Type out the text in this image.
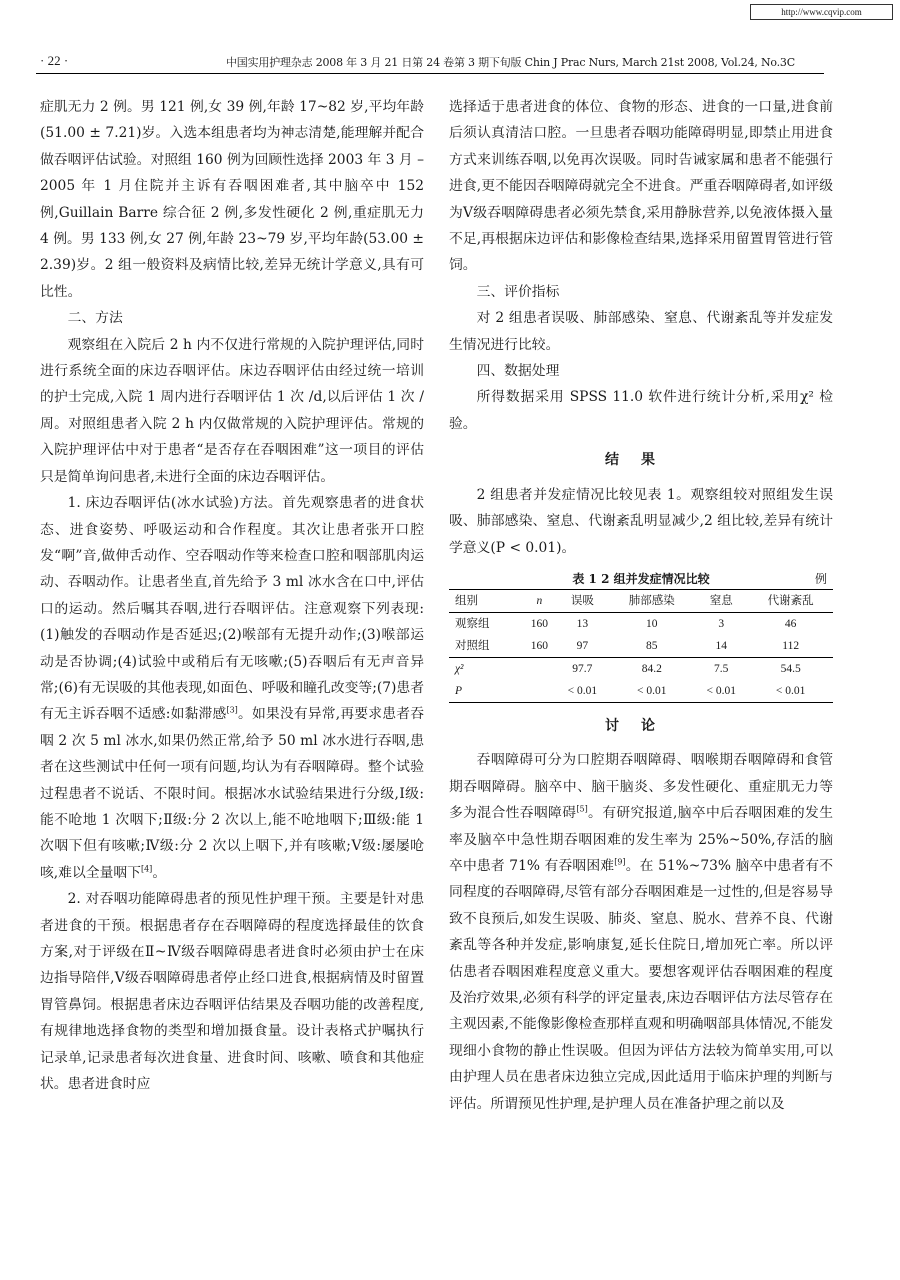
http://www.cqvip.com
· 22 ·	中国实用护理杂志 2008 年 3 月 21 日第 24 卷第 3 期下旬版 Chin J Prac Nurs, March 21st 2008, Vol.24, No.3C

症肌无力 2 例。男 121 例,女 39 例,年龄 17~82 岁,平均年龄(51.00 ± 7.21)岁。入选本组患者均为神志清楚,能理解并配合做吞咽评估试验。对照组 160 例为回顾性选择 2003 年 3 月 – 2005 年 1 月住院并主诉有吞咽困难者,其中脑卒中 152 例,Guillain Barre 综合征 2 例,多发性硬化 2 例,重症肌无力 4 例。男 133 例,女 27 例,年龄 23~79 岁,平均年龄(53.00 ± 2.39)岁。2 组一般资料及病情比较,差异无统计学意义,具有可比性。

二、方法

观察组在入院后 2 h 内不仅进行常规的入院护理评估,同时进行系统全面的床边吞咽评估。床边吞咽评估由经过统一培训的护士完成,入院 1 周内进行吞咽评估 1 次 /d,以后评估 1 次 / 周。对照组患者入院 2 h 内仅做常规的入院护理评估。常规的入院护理评估中对于患者“是否存在吞咽困难”这一项目的评估只是简单询问患者,未进行全面的床边吞咽评估。

1. 床边吞咽评估(冰水试验)方法。首先观察患者的进食状态、进食姿势、呼吸运动和合作程度。其次让患者张开口腔发“啊”音,做伸舌动作、空吞咽动作等来检查口腔和咽部肌肉运动、吞咽动作。让患者坐直,首先给予 3 ml 冰水含在口中,评估口的运动。然后嘱其吞咽,进行吞咽评估。注意观察下列表现:(1)触发的吞咽动作是否延迟;(2)喉部有无提升动作;(3)喉部运动是否协调;(4)试验中或稍后有无咳嗽;(5)吞咽后有无声音异常;(6)有无误吸的其他表现,如面色、呼吸和瞳孔改变等;(7)患者有无主诉吞咽不适感:如黏滞感[3]。如果没有异常,再要求患者吞咽 2 次 5 ml 冰水,如果仍然正常,给予 50 ml 冰水进行吞咽,患者在这些测试中任何一项有问题,均认为有吞咽障碍。整个试验过程患者不说话、不限时间。根据冰水试验结果进行分级,Ⅰ级:能不呛地 1 次咽下;Ⅱ级:分 2 次以上,能不呛地咽下;Ⅲ级:能 1 次咽下但有咳嗽;Ⅳ级:分 2 次以上咽下,并有咳嗽;Ⅴ级:屡屡呛咳,难以全量咽下[4]。

2. 对吞咽功能障碍患者的预见性护理干预。主要是针对患者进食的干预。根据患者存在吞咽障碍的程度选择最佳的饮食方案,对于评级在Ⅱ~Ⅳ级吞咽障碍患者进食时必须由护士在床边指导陪伴,Ⅴ级吞咽障碍患者停止经口进食,根据病情及时留置胃管鼻饲。根据患者床边吞咽评估结果及吞咽功能的改善程度,有规律地选择食物的类型和增加摄食量。设计表格式护嘱执行记录单,记录患者每次进食量、进食时间、咳嗽、喷食和其他症状。患者进食时应

选择适于患者进食的体位、食物的形态、进食的一口量,进食前后须认真清洁口腔。一旦患者吞咽功能障碍明显,即禁止用进食方式来训练吞咽,以免再次误吸。同时告诫家属和患者不能强行进食,更不能因吞咽障碍就完全不进食。严重吞咽障碍者,如评级为Ⅴ级吞咽障碍患者必须先禁食,采用静脉营养,以免液体摄入量不足,再根据床边评估和影像检查结果,选择采用留置胃管进行管饲。

三、评价指标

对 2 组患者误吸、肺部感染、窒息、代谢紊乱等并发症发生情况进行比较。

四、数据处理

所得数据采用 SPSS 11.0 软件进行统计分析,采用χ² 检验。

结果

2 组患者并发症情况比较见表 1。观察组较对照组发生误吸、肺部感染、窒息、代谢紊乱明显减少,2 组比较,差异有统计学意义(P < 0.01)。

表 1 2 组并发症情况比较	例
组别	n	误吸	肺部感染	窒息	代谢紊乱
观察组	160	13	10	3	46
对照组	160	97	85	14	112
χ²		97.7	84.2	7.5	54.5
P		< 0.01	< 0.01	< 0.01	< 0.01
讨论

吞咽障碍可分为口腔期吞咽障碍、咽喉期吞咽障碍和食管期吞咽障碍。脑卒中、脑干脑炎、多发性硬化、重症肌无力等多为混合性吞咽障碍[5]。有研究报道,脑卒中后吞咽困难的发生率及脑卒中急性期吞咽困难的发生率为 25%~50%,存活的脑卒中患者 71% 有吞咽困难[9]。在 51%~73% 脑卒中患者有不同程度的吞咽障碍,尽管有部分吞咽困难是一过性的,但是容易导致不良预后,如发生误吸、肺炎、窒息、脱水、营养不良、代谢紊乱等各种并发症,影响康复,延长住院日,增加死亡率。所以评估患者吞咽困难程度意义重大。要想客观评估吞咽困难的程度及治疗效果,必须有科学的评定量表,床边吞咽评估方法尽管存在主观因素,不能像影像检查那样直观和明确咽部具体情况,不能发现细小食物的静止性误吸。但因为评估方法较为简单实用,可以由护理人员在患者床边独立完成,因此适用于临床护理的判断与评估。所谓预见性护理,是护理人员在准备护理之前以及
